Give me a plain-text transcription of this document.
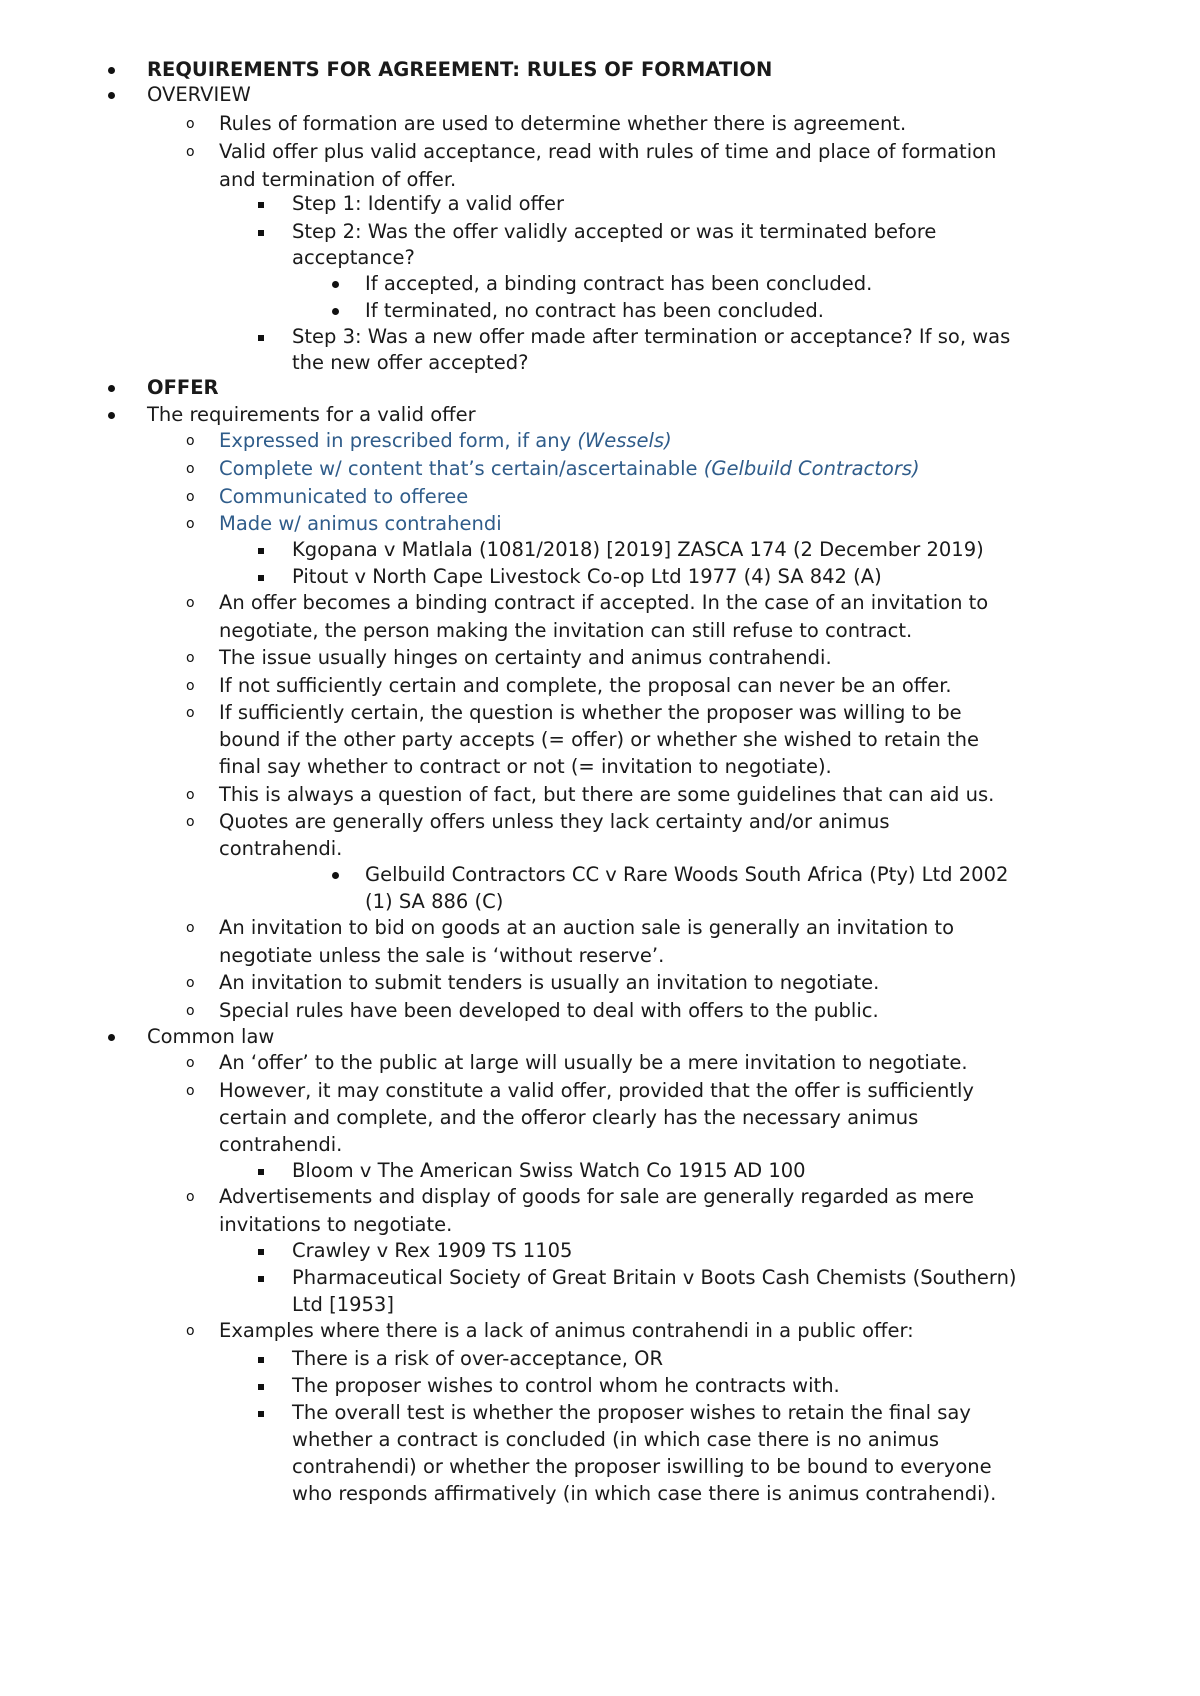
REQUIREMENTS FOR AGREEMENT: RULES OF FORMATION
OVERVIEW
o Rules of formation are used to determine whether there is agreement.
o Valid offer plus valid acceptance, read with rules of time and place of formation
and termination of offer.
Step 1: Identify a valid offer
Step 2: Was the offer validly accepted or was it terminated before
acceptance?
If accepted, a binding contract has been concluded.
If terminated, no contract has been concluded.
Step 3: Was a new offer made after termination or acceptance? If so, was
the new offer accepted?
OFFER
The requirements for a valid offer
o Expressed in prescribed form, if any (Wessels)
o Complete w/ content that’s certain/ascertainable (Gelbuild Contractors)
o Communicated to offeree
o Made w/ animus contrahendi
Kgopana v Matlala (1081/2018) [2019] ZASCA 174 (2 December 2019)
Pitout v North Cape Livestock Co-op Ltd 1977 (4) SA 842 (A)
o An offer becomes a binding contract if accepted. In the case of an invitation to
negotiate, the person making the invitation can still refuse to contract.
o The issue usually hinges on certainty and animus contrahendi.
o If not sufficiently certain and complete, the proposal can never be an offer.
o If sufficiently certain, the question is whether the proposer was willing to be
bound if the other party accepts (= offer) or whether she wished to retain the
final say whether to contract or not (= invitation to negotiate).
o This is always a question of fact, but there are some guidelines that can aid us.
o Quotes are generally offers unless they lack certainty and/or animus
contrahendi.
Gelbuild Contractors CC v Rare Woods South Africa (Pty) Ltd 2002
(1) SA 886 (C)
o An invitation to bid on goods at an auction sale is generally an invitation to
negotiate unless the sale is ‘without reserve’.
o An invitation to submit tenders is usually an invitation to negotiate.
o Special rules have been developed to deal with offers to the public.
Common law
o An ‘offer’ to the public at large will usually be a mere invitation to negotiate.
o However, it may constitute a valid offer, provided that the offer is sufficiently
certain and complete, and the offeror clearly has the necessary animus
contrahendi.
Bloom v The American Swiss Watch Co 1915 AD 100
o Advertisements and display of goods for sale are generally regarded as mere
invitations to negotiate.
Crawley v Rex 1909 TS 1105
Pharmaceutical Society of Great Britain v Boots Cash Chemists (Southern)
Ltd [1953]
o Examples where there is a lack of animus contrahendi in a public offer:
There is a risk of over-acceptance, OR
The proposer wishes to control whom he contracts with.
The overall test is whether the proposer wishes to retain the final say
whether a contract is concluded (in which case there is no animus
contrahendi) or whether the proposer iswilling to be bound to everyone
who responds affirmatively (in which case there is animus contrahendi).
